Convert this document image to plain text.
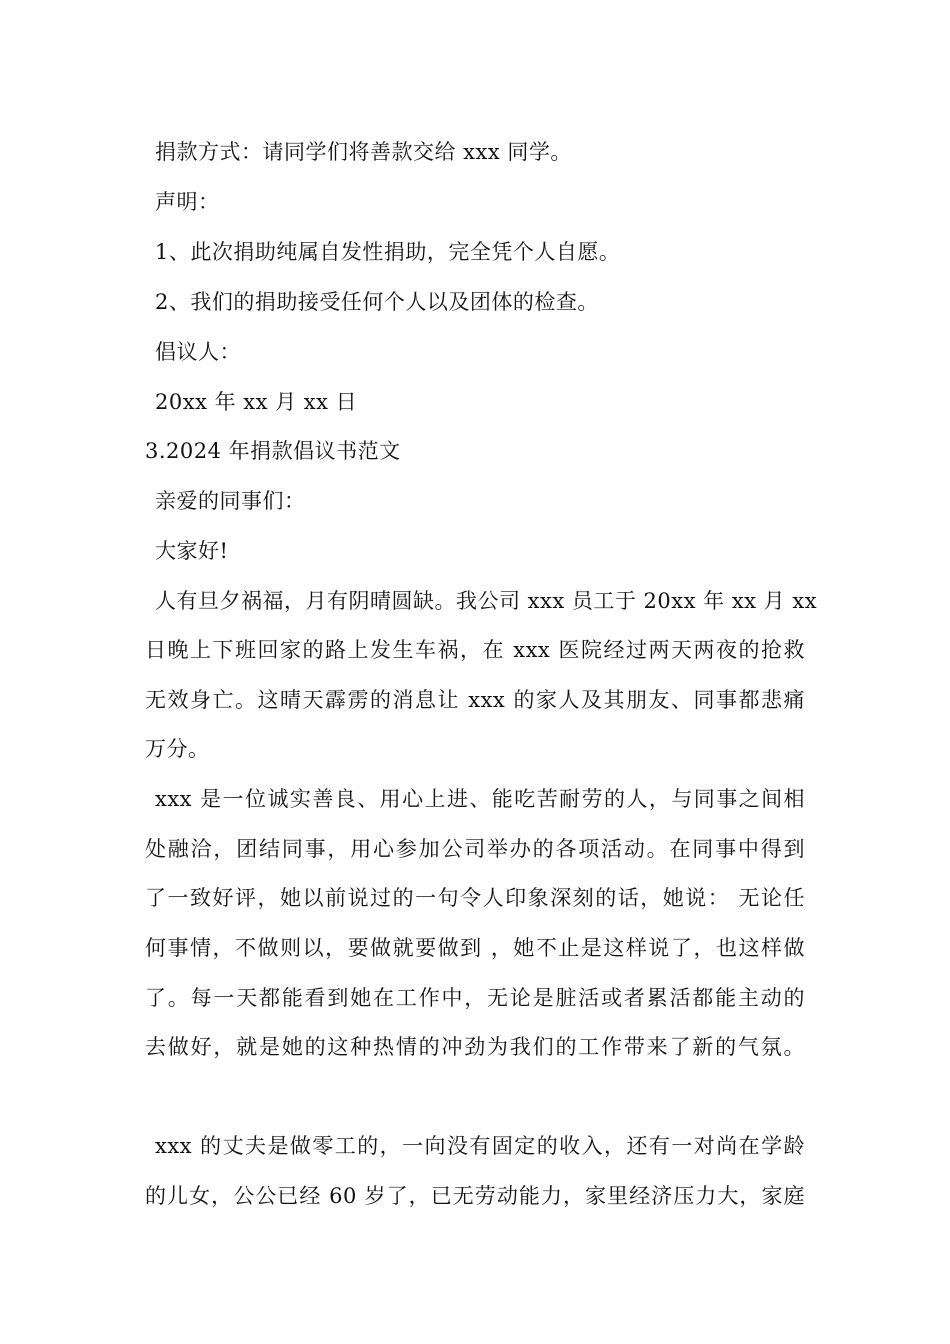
捐款方式：请同学们将善款交给 xxx 同学。
声明：
1、此次捐助纯属自发性捐助，完全凭个人自愿。
2、我们的捐助接受任何个人以及团体的检查。
倡议人：
20xx 年 xx 月 xx 日
3.2024 年捐款倡议书范文
亲爱的同事们：
大家好!
人有旦夕祸福，月有阴晴圆缺。我公司 xxx 员工于 20xx 年 xx 月 xx
日晚上下班回家的路上发生车祸，在 xxx 医院经过两天两夜的抢救
无效身亡。这晴天霹雳的消息让 xxx 的家人及其朋友、同事都悲痛
万分。
xxx 是一位诚实善良、用心上进、能吃苦耐劳的人，与同事之间相
处融洽，团结同事，用心参加公司举办的各项活动。在同事中得到
了一致好评，她以前说过的一句令人印象深刻的话，她说： 无论任
何事情，不做则以，要做就要做到 ，她不止是这样说了，也这样做
了。每一天都能看到她在工作中，无论是脏活或者累活都能主动的
去做好，就是她的这种热情的冲劲为我们的工作带来了新的气氛。
xxx 的丈夫是做零工的，一向没有固定的收入，还有一对尚在学龄
的儿女，公公已经 60 岁了，已无劳动能力，家里经济压力大，家庭
